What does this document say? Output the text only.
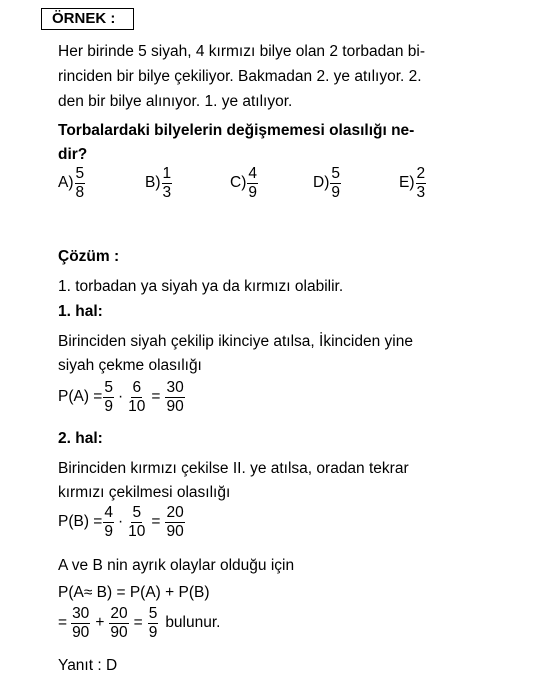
ÖRNEK :
Her birinde 5 siyah, 4 kırmızı bilye olan 2 torbadan bi-
rinciden bir bilye çekiliyor. Bakmadan 2. ye atılıyor. 2.
den bir bilye alınıyor. 1. ye atılıyor.
Torbalardaki bilyelerin değişmemesi olasılığı ne-
dir?
$A) \frac{5}{8}$	$B) \frac{1}{3}$	$C) \frac{4}{9}$	$D) \frac{5}{9}$	$E) \frac{2}{3}$
Çözüm :
1. torbadan ya siyah ya da kırmızı olabilir.
1. hal:
Birinciden siyah çekilip ikinciye atılsa, İkinciden yine
siyah çekme olasılığı
$P(A) = \frac{5}{9} \cdot \frac{6}{10} = \frac{30}{90}$
2. hal:
Birinciden kırmızı çekilse II. ye atılsa, oradan tekrar
kırmızı çekilmesi olasılığı
$P(B) = \frac{4}{9} \cdot \frac{5}{10} = \frac{20}{90}$
A ve B nin ayrık olaylar olduğu için
P(A≈ B) = P(A) + P(B)
= $\frac{30}{90} + \frac{20}{90} = \frac{5}{9}$ bulunur.
Yanıt : D
